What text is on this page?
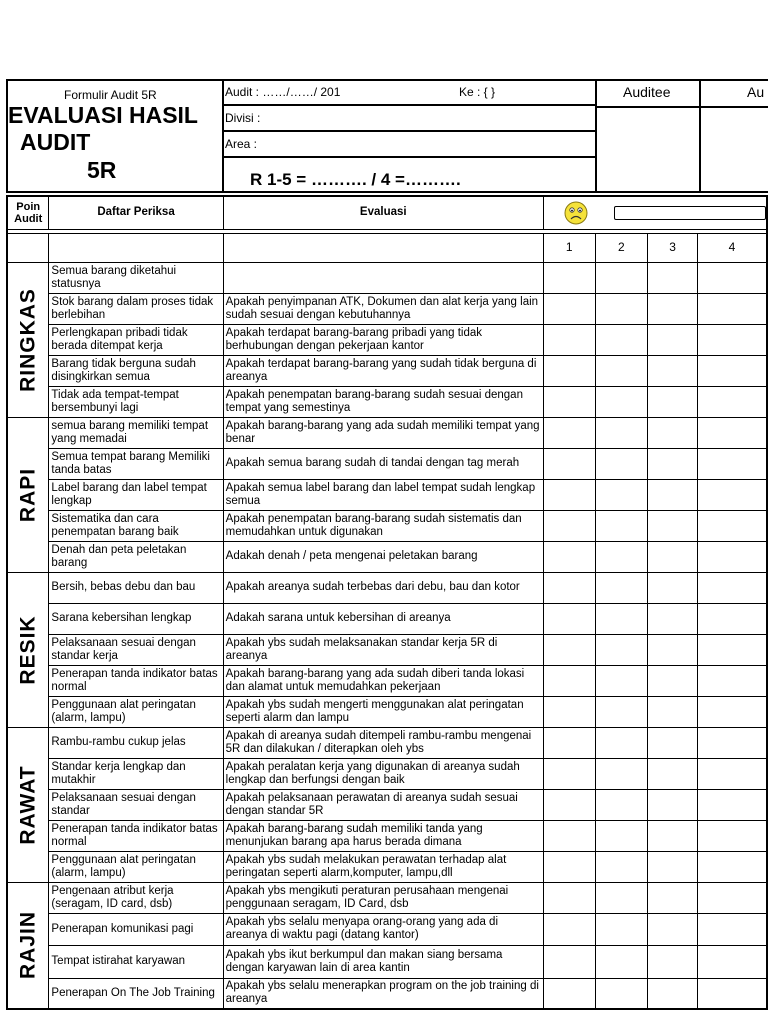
Formulir Audit 5R
EVALUASI HASIL
AUDIT
5R
Audit : ……/……/ 201	Ke : { }
Divisi :
Area :
R 1-5 = ………. / 4 =……….
Auditee	Au
Poin Audit	Daftar Periksa	Evaluasi	

			1	2	3	4

RINGKAS	Semua barang diketahui statusnya					
	Stok barang dalam proses tidak berlebihan	Apakah penyimpanan ATK, Dokumen dan alat kerja yang lain sudah sesuai dengan kebutuhannya				
	Perlengkapan pribadi tidak berada ditempat kerja	Apakah terdapat barang-barang pribadi yang tidak berhubungan dengan pekerjaan kantor				
	Barang tidak berguna sudah disingkirkan semua	Apakah terdapat barang-barang yang sudah tidak berguna di areanya				
	Tidak ada tempat-tempat bersembunyi lagi	Apakah penempatan barang-barang sudah sesuai dengan tempat yang semestinya				

RAPI	semua barang memiliki tempat yang memadai	Apakah barang-barang yang ada sudah memiliki tempat yang benar				
	Semua tempat barang Memiliki tanda batas	Apakah semua barang sudah di tandai dengan tag merah				
	Label barang dan label tempat lengkap	Apakah semua label barang dan label tempat sudah lengkap semua				
	Sistematika dan cara penempatan barang baik	Apakah penempatan barang-barang sudah sistematis dan memudahkan untuk digunakan				
	Denah dan peta peletakan barang	Adakah denah / peta mengenai peletakan barang				

RESIK	Bersih, bebas debu dan bau	Apakah areanya sudah terbebas dari debu, bau dan kotor				
	Sarana kebersihan lengkap	Adakah sarana untuk kebersihan di areanya				
	Pelaksanaan sesuai dengan standar kerja	Apakah ybs sudah melaksanakan standar kerja 5R di areanya				
	Penerapan tanda indikator batas normal	Apakah barang-barang yang ada sudah diberi tanda lokasi dan alamat untuk memudahkan pekerjaan				
	Penggunaan alat peringatan (alarm, lampu)	Apakah ybs sudah mengerti menggunakan alat peringatan seperti alarm dan lampu				

RAWAT	Rambu-rambu cukup jelas	Apakah di areanya sudah ditempeli rambu-rambu mengenai 5R dan dilakukan / diterapkan oleh ybs				
	Standar kerja lengkap dan mutakhir	Apakah peralatan kerja yang digunakan di areanya sudah lengkap dan berfungsi dengan baik				
	Pelaksanaan sesuai dengan standar	Apakah pelaksanaan perawatan di areanya sudah sesuai dengan standar 5R				
	Penerapan tanda indikator batas normal	Apakah barang-barang sudah memiliki tanda yang menunjukan barang apa harus berada dimana				
	Penggunaan alat peringatan (alarm, lampu)	Apakah ybs sudah melakukan perawatan terhadap alat peringatan seperti alarm,komputer, lampu,dll				

RAJIN	Pengenaan atribut kerja (seragam, ID card, dsb)	Apakah ybs mengikuti peraturan perusahaan mengenai penggunaan seragam, ID Card, dsb				
	Penerapan komunikasi pagi	Apakah ybs selalu menyapa orang-orang yang ada di areanya di waktu pagi (datang kantor)				
	Tempat istirahat karyawan	Apakah ybs ikut berkumpul dan makan siang bersama dengan karyawan lain di area kantin				
	Penerapan On The Job Training	Apakah ybs selalu menerapkan program on the job training di areanya				
